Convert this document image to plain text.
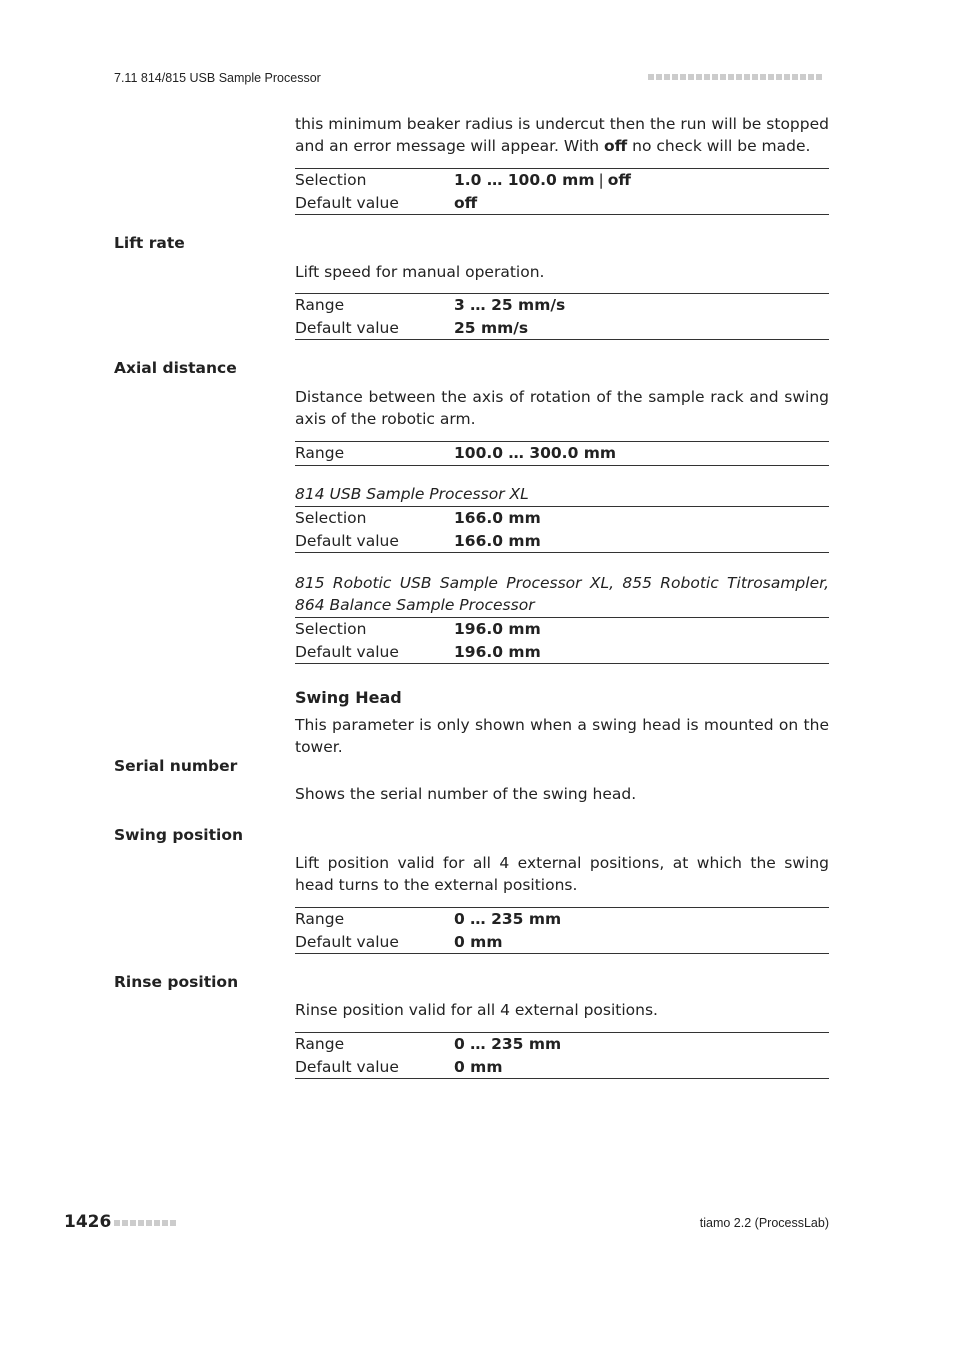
7.11 814/815 USB Sample Processor
this minimum beaker radius is undercut then the run will be stopped and an error message will appear. With off no check will be made.
Selection	1.0 … 100.0 mm | off
Default value	off
Lift rate
Lift speed for manual operation.
Range	3 … 25 mm/s
Default value	25 mm/s
Axial distance
Distance between the axis of rotation of the sample rack and swing axis of the robotic arm.
Range	100.0 … 300.0 mm
814 USB Sample Processor XL
Selection	166.0 mm
Default value	166.0 mm
815 Robotic USB Sample Processor XL, 855 Robotic Titrosampler, 864 Balance Sample Processor
Selection	196.0 mm
Default value	196.0 mm
Swing Head
This parameter is only shown when a swing head is mounted on the tower.
Serial number
Shows the serial number of the swing head.
Swing position
Lift position valid for all 4 external positions, at which the swing head turns to the external positions.
Range	0 … 235 mm
Default value	0 mm
Rinse position
Rinse position valid for all 4 external positions.
Range	0 … 235 mm
Default value	0 mm
1426	tiamo 2.2 (ProcessLab)
